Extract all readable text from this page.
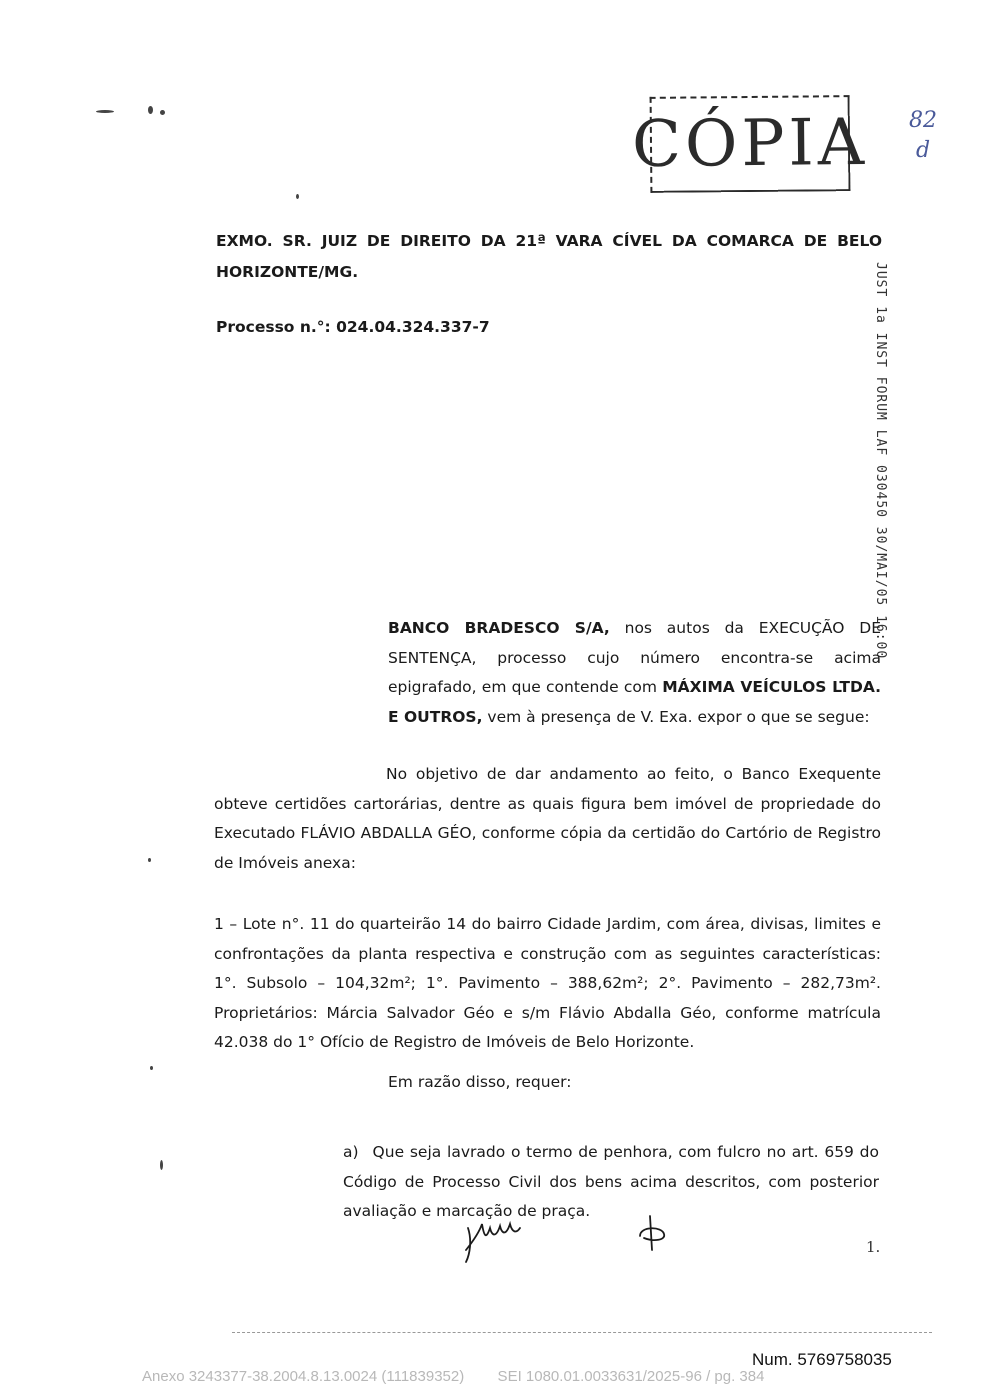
CÓPIA	82
d
JUST 1a INST FORUM LAF 030450 30/MAI/05 16:00

EXMO. SR. JUIZ DE DIREITO DA 21ª VARA CÍVEL DA COMARCA DE BELO HORIZONTE/MG.

Processo n.°: 024.04.324.337-7

BANCO BRADESCO S/A, nos autos da EXECUÇÃO DE SENTENÇA, processo cujo número encontra-se acima epigrafado, em que contende com MÁXIMA VEÍCULOS LTDA. E OUTROS, vem à presença de V. Exa. expor o que se segue:

No objetivo de dar andamento ao feito, o Banco Exequente obteve certidões cartorárias, dentre as quais figura bem imóvel de propriedade do Executado FLÁVIO ABDALLA GÉO, conforme cópia da certidão do Cartório de Registro de Imóveis anexa:

1 – Lote n°. 11 do quarteirão 14 do bairro Cidade Jardim, com área, divisas, limites e confrontações da planta respectiva e construção com as seguintes características: 1°. Subsolo – 104,32m²; 1°. Pavimento – 388,62m²; 2°. Pavimento – 282,73m². Proprietários: Márcia Salvador Géo e s/m Flávio Abdalla Géo, conforme matrícula 42.038 do 1° Ofício de Registro de Imóveis de Belo Horizonte.

Em razão disso, requer:

a) Que seja lavrado o termo de penhora, com fulcro no art. 659 do Código de Processo Civil dos bens acima descritos, com posterior avaliação e marcação de praça.

1.
Num. 5769758035
Anexo 3243377-38.2004.8.13.0024 (111839352)        SEI 1080.01.0033631/2025-96 / pg. 384
